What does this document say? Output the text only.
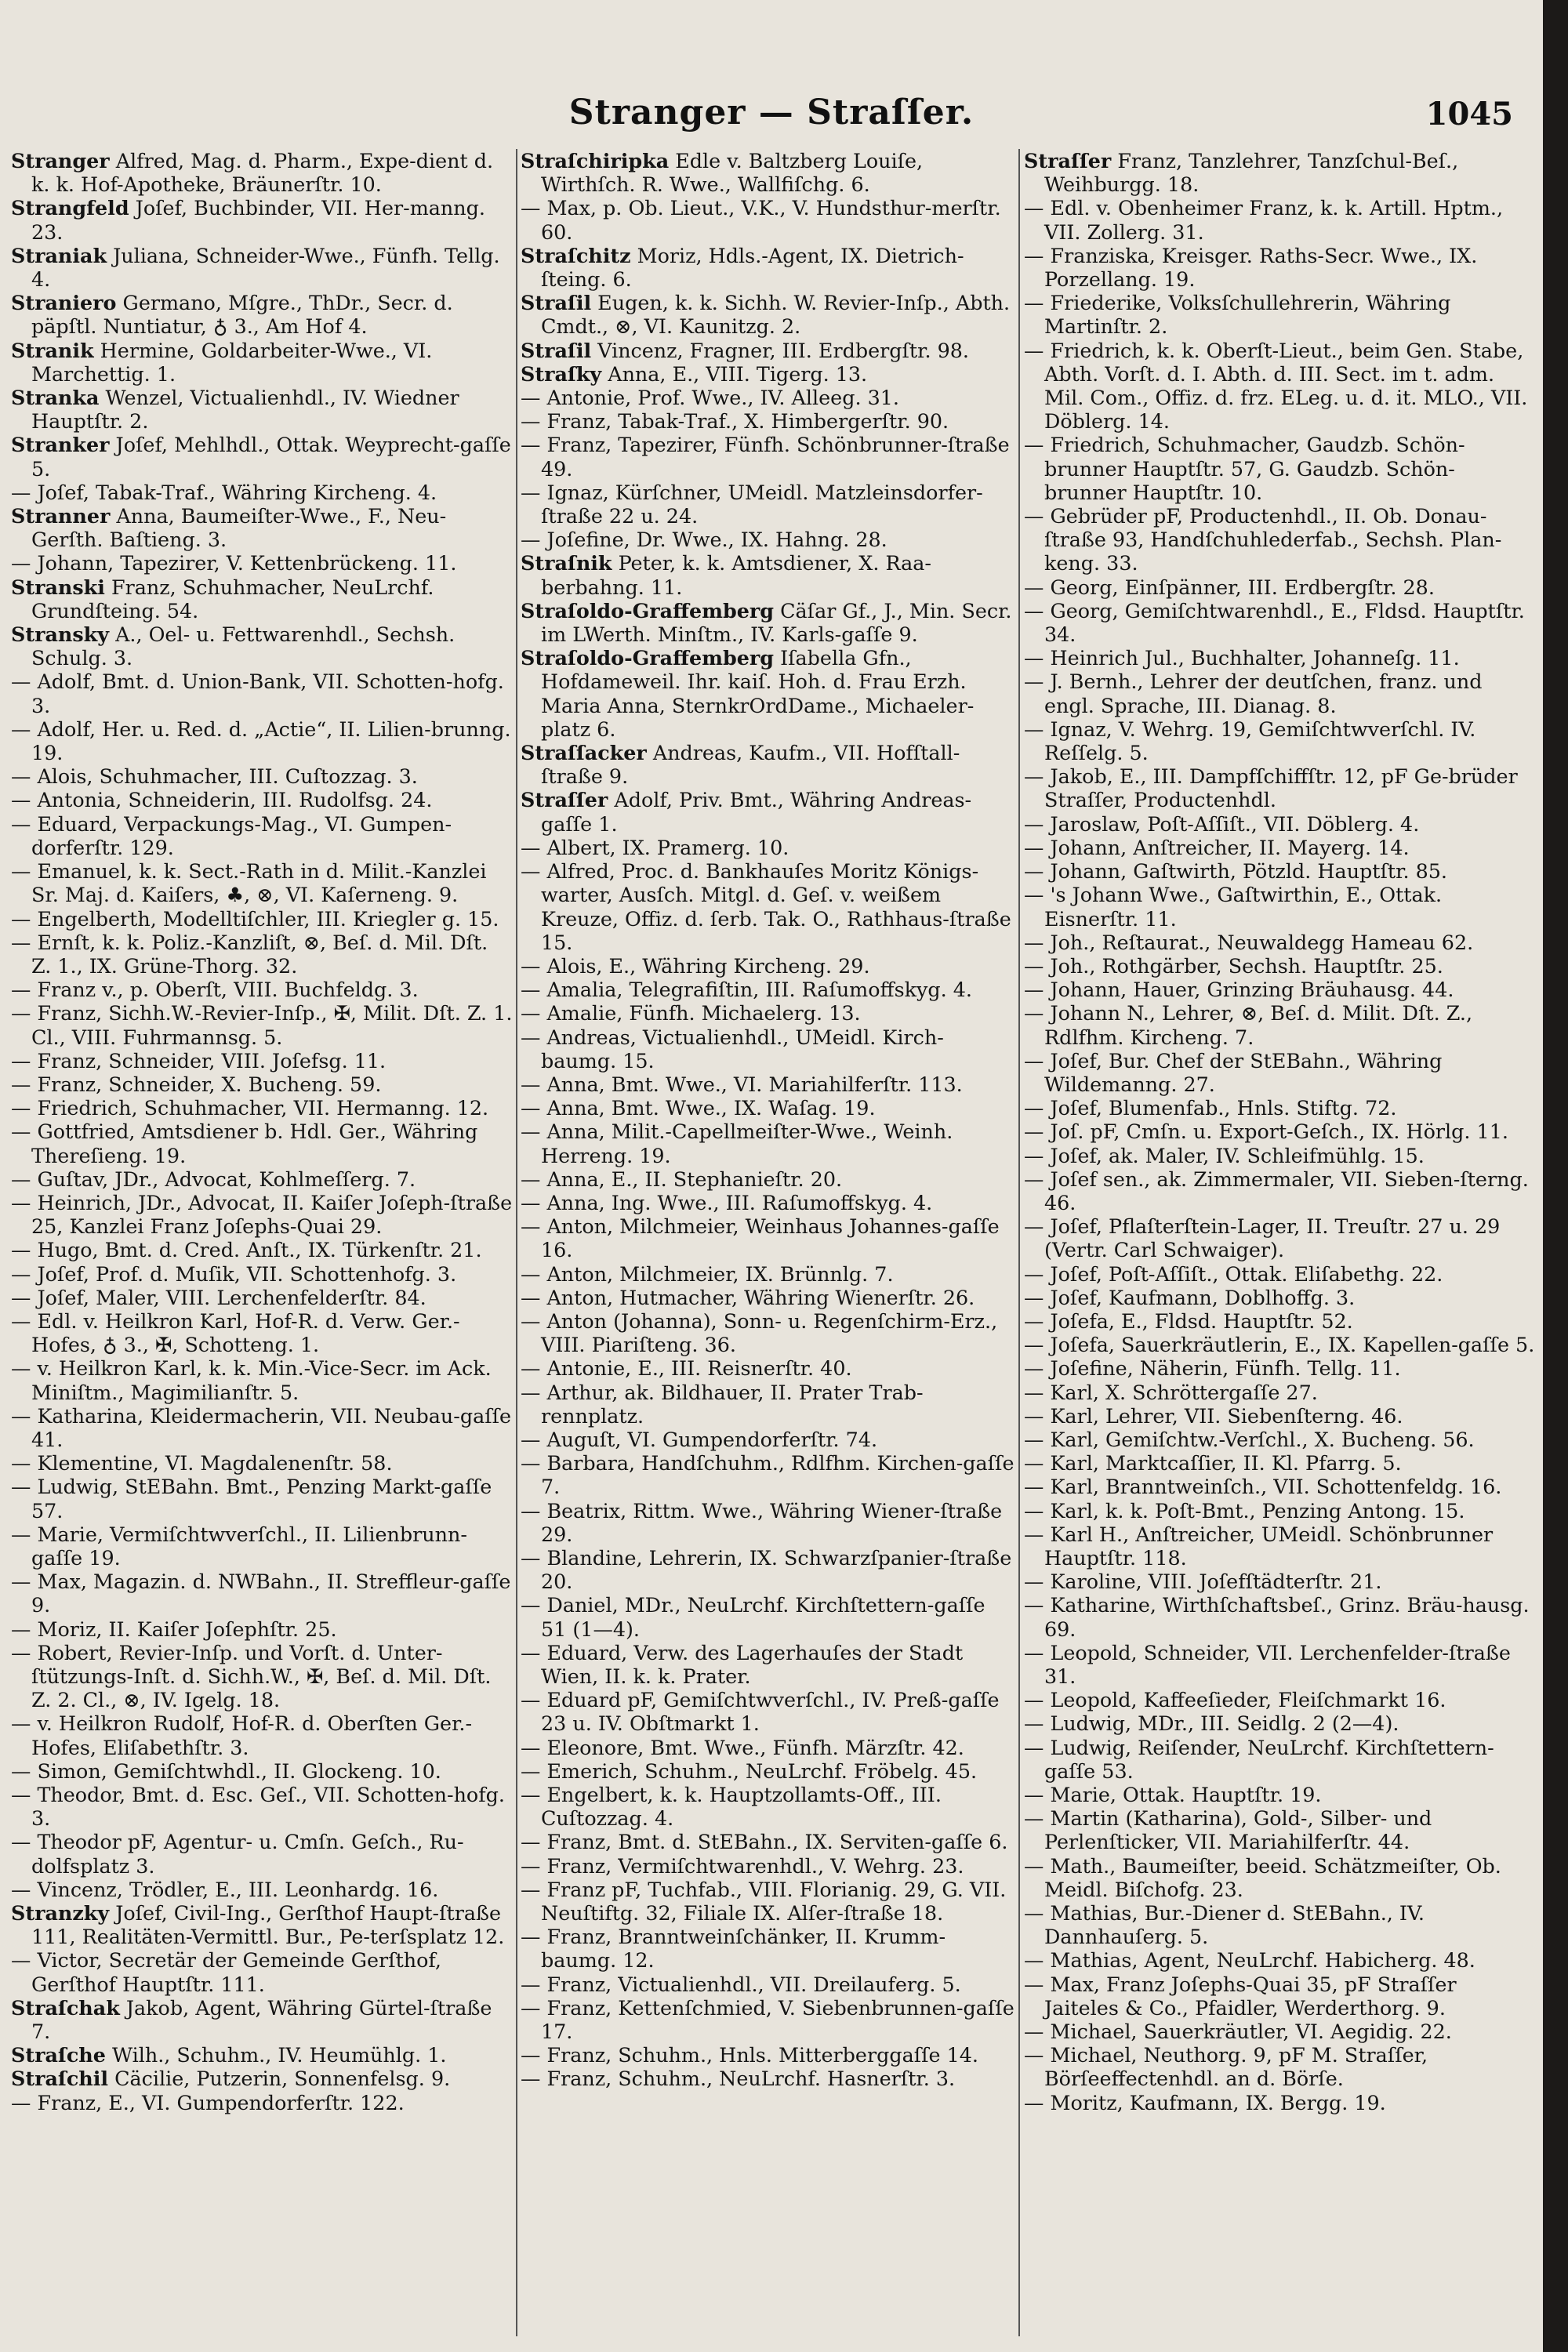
Stranger — Straſſer.	1045
Stranger Alfred, Mag. d. Pharm., Expe-dient d. k. k. Hof-Apotheke, Bräunerſtr. 10.
Strangfeld Joſef, Buchbinder, VII. Her-manng. 23.
Straniak Juliana, Schneider-Wwe., Fünfh. Tellg. 4.
Straniero Germano, Mſgre., ThDr., Secr. d. päpſtl. Nuntiatur, ♁ 3., Am Hof 4.
Stranik Hermine, Goldarbeiter-Wwe., VI. Marchettig. 1.
Stranka Wenzel, Victualienhdl., IV. Wiedner Hauptſtr. 2.
Stranker Joſef, Mehlhdl., Ottak. Weyprecht-gaſſe 5.
— Joſef, Tabak-Traf., Währing Kircheng. 4.
Stranner Anna, Baumeiſter-Wwe., F., Neu-Gerſth. Baſtieng. 3.
— Johann, Tapezirer, V. Kettenbrückeng. 11.
Stranski Franz, Schuhmacher, NeuLrchf. Grundſteing. 54.
Stransky A., Oel- u. Fettwarenhdl., Sechsh. Schulg. 3.
— Adolf, Bmt. d. Union-Bank, VII. Schotten-hofg. 3.
— Adolf, Her. u. Red. d. „Actie“, II. Lilien-brunng. 19.
— Alois, Schuhmacher, III. Cuſtozzag. 3.
— Antonia, Schneiderin, III. Rudolfsg. 24.
— Eduard, Verpackungs-Mag., VI. Gumpen-dorferſtr. 129.
— Emanuel, k. k. Sect.-Rath in d. Milit.-Kanzlei Sr. Maj. d. Kaiſers, ♣, ⊗, VI. Kaſerneng. 9.
— Engelberth, Modelltiſchler, III. Kriegler g. 15.
— Ernſt, k. k. Poliz.-Kanzliſt, ⊗, Beſ. d. Mil. Dſt. Z. 1., IX. Grüne-Thorg. 32.
— Franz v., p. Oberſt, VIII. Buchfeldg. 3.
— Franz, Sichh.W.-Revier-Inſp., ✠, Milit. Dſt. Z. 1. Cl., VIII. Fuhrmannsg. 5.
— Franz, Schneider, VIII. Joſefsg. 11.
— Franz, Schneider, X. Bucheng. 59.
— Friedrich, Schuhmacher, VII. Hermanng. 12.
— Gottfried, Amtsdiener b. Hdl. Ger., Währing Thereſieng. 19.
— Guſtav, JDr., Advocat, Kohlmeſſerg. 7.
— Heinrich, JDr., Advocat, II. Kaiſer Joſeph-ſtraße 25, Kanzlei Franz Joſephs-Quai 29.
— Hugo, Bmt. d. Cred. Anſt., IX. Türkenſtr. 21.
— Joſef, Prof. d. Muſik, VII. Schottenhofg. 3.
— Joſef, Maler, VIII. Lerchenfelderſtr. 84.
— Edl. v. Heilkron Karl, Hof-R. d. Verw. Ger.-Hofes, ♁ 3., ✠, Schotteng. 1.
— v. Heilkron Karl, k. k. Min.-Vice-Secr. im Ack. Miniſtm., Magimilianſtr. 5.
— Katharina, Kleidermacherin, VII. Neubau-gaſſe 41.
— Klementine, VI. Magdalenenſtr. 58.
— Ludwig, StEBahn. Bmt., Penzing Markt-gaſſe 57.
— Marie, Vermiſchtwverſchl., II. Lilienbrunn-gaſſe 19.
— Max, Magazin. d. NWBahn., II. Streffleur-gaſſe 9.
— Moriz, II. Kaiſer Joſephſtr. 25.
— Robert, Revier-Inſp. und Vorſt. d. Unter-ſtützungs-Inſt. d. Sichh.W., ✠, Beſ. d. Mil. Dſt. Z. 2. Cl., ⊗, IV. Igelg. 18.
— v. Heilkron Rudolf, Hof-R. d. Oberſten Ger.-Hofes, Eliſabethſtr. 3.
— Simon, Gemiſchtwhdl., II. Glockeng. 10.
— Theodor, Bmt. d. Esc. Geſ., VII. Schotten-hofg. 3.
— Theodor pF, Agentur- u. Cmſn. Geſch., Ru-dolfsplatz 3.
— Vincenz, Trödler, E., III. Leonhardg. 16.
Stranzky Joſef, Civil-Ing., Gerſthof Haupt-ſtraße 111, Realitäten-Vermittl. Bur., Pe-terſsplatz 12.
— Victor, Secretär der Gemeinde Gerſthof, Gerſthof Hauptſtr. 111.
Straſchak Jakob, Agent, Währing Gürtel-ſtraße 7.
Straſche Wilh., Schuhm., IV. Heumühlg. 1.
Straſchil Cäcilie, Putzerin, Sonnenfelsg. 9.
— Franz, E., VI. Gumpendorferſtr. 122.
Straſchiripka Edle v. Baltzberg Louiſe, Wirthſch. R. Wwe., Wallfiſchg. 6.
— Max, p. Ob. Lieut., V.K., V. Hundsthur-merſtr. 60.
Straſchitz Moriz, Hdls.-Agent, IX. Dietrich-ſteing. 6.
Straſil Eugen, k. k. Sichh. W. Revier-Inſp., Abth. Cmdt., ⊗, VI. Kaunitzg. 2.
Straſil Vincenz, Fragner, III. Erdbergſtr. 98.
Straſky Anna, E., VIII. Tigerg. 13.
— Antonie, Prof. Wwe., IV. Alleeg. 31.
— Franz, Tabak-Traf., X. Himbergerſtr. 90.
— Franz, Tapezirer, Fünfh. Schönbrunner-ſtraße 49.
— Ignaz, Kürſchner, UMeidl. Matzleinsdorfer-ſtraße 22 u. 24.
— Joſefine, Dr. Wwe., IX. Hahng. 28.
Straſnik Peter, k. k. Amtsdiener, X. Raa-berbahng. 11.
Straſoldo-Graffemberg Cäſar Gf., J., Min. Secr. im LWerth. Minſtm., IV. Karls-gaſſe 9.
Straſoldo-Graffemberg Iſabella Gfn., Hofdameweil. Ihr. kaiſ. Hoh. d. Frau Erzh. Maria Anna, SternkrOrdDame., Michaeler-platz 6.
Straſſacker Andreas, Kaufm., VII. Hofſtall-ſtraße 9.
Straſſer Adolf, Priv. Bmt., Währing Andreas-gaſſe 1.
— Albert, IX. Pramerg. 10.
— Alfred, Proc. d. Bankhauſes Moritz Königs-warter, Ausſch. Mitgl. d. Geſ. v. weißem Kreuze, Offiz. d. ſerb. Tak. O., Rathhaus-ſtraße 15.
— Alois, E., Währing Kircheng. 29.
— Amalia, Telegrafiſtin, III. Raſumoffskyg. 4.
— Amalie, Fünfh. Michaelerg. 13.
— Andreas, Victualienhdl., UMeidl. Kirch-baumg. 15.
— Anna, Bmt. Wwe., VI. Mariahilferſtr. 113.
— Anna, Bmt. Wwe., IX. Waſag. 19.
— Anna, Milit.-Capellmeiſter-Wwe., Weinh. Herreng. 19.
— Anna, E., II. Stephanieſtr. 20.
— Anna, Ing. Wwe., III. Raſumoffskyg. 4.
— Anton, Milchmeier, Weinhaus Johannes-gaſſe 16.
— Anton, Milchmeier, IX. Brünnlg. 7.
— Anton, Hutmacher, Währing Wienerſtr. 26.
— Anton (Johanna), Sonn- u. Regenſchirm-Erz., VIII. Piariſteng. 36.
— Antonie, E., III. Reisnerſtr. 40.
— Arthur, ak. Bildhauer, II. Prater Trab-rennplatz.
— Auguſt, VI. Gumpendorferſtr. 74.
— Barbara, Handſchuhm., Rdlfhm. Kirchen-gaſſe 7.
— Beatrix, Rittm. Wwe., Währing Wiener-ſtraße 29.
— Blandine, Lehrerin, IX. Schwarzſpanier-ſtraße 20.
— Daniel, MDr., NeuLrchf. Kirchſtettern-gaſſe 51 (1—4).
— Eduard, Verw. des Lagerhauſes der Stadt Wien, II. k. k. Prater.
— Eduard pF, Gemiſchtwverſchl., IV. Preß-gaſſe 23 u. IV. Obſtmarkt 1.
— Eleonore, Bmt. Wwe., Fünfh. Märzſtr. 42.
— Emerich, Schuhm., NeuLrchf. Fröbelg. 45.
— Engelbert, k. k. Hauptzollamts-Off., III. Cuſtozzag. 4.
— Franz, Bmt. d. StEBahn., IX. Serviten-gaſſe 6.
— Franz, Vermiſchtwarenhdl., V. Wehrg. 23.
— Franz pF, Tuchfab., VIII. Florianig. 29, G. VII. Neuſtiftg. 32, Filiale IX. Alſer-ſtraße 18.
— Franz, Branntweinſchänker, II. Krumm-baumg. 12.
— Franz, Victualienhdl., VII. Dreilauferg. 5.
— Franz, Kettenſchmied, V. Siebenbrunnen-gaſſe 17.
— Franz, Schuhm., Hnls. Mitterberggaſſe 14.
— Franz, Schuhm., NeuLrchf. Hasnerſtr. 3.
Straſſer Franz, Tanzlehrer, Tanzſchul-Beſ., Weihburgg. 18.
— Edl. v. Obenheimer Franz, k. k. Artill. Hptm., VII. Zollerg. 31.
— Franziska, Kreisger. Raths-Secr. Wwe., IX. Porzellang. 19.
— Friederike, Volksſchullehrerin, Währing Martinſtr. 2.
— Friedrich, k. k. Oberſt-Lieut., beim Gen. Stabe, Abth. Vorſt. d. I. Abth. d. III. Sect. im t. adm. Mil. Com., Offiz. d. frz. ELeg. u. d. it. MLO., VII. Döblerg. 14.
— Friedrich, Schuhmacher, Gaudzb. Schön-brunner Hauptſtr. 57, G. Gaudzb. Schön-brunner Hauptſtr. 10.
— Gebrüder pF, Productenhdl., II. Ob. Donau-ſtraße 93, Handſchuhlederfab., Sechsh. Plan-keng. 33.
— Georg, Einſpänner, III. Erdbergſtr. 28.
— Georg, Gemiſchtwarenhdl., E., Fldsd. Hauptſtr. 34.
— Heinrich Jul., Buchhalter, Johanneſg. 11.
— J. Bernh., Lehrer der deutſchen, franz. und engl. Sprache, III. Dianag. 8.
— Ignaz, V. Wehrg. 19, Gemiſchtwverſchl. IV. Reſſelg. 5.
— Jakob, E., III. Dampfſchiffſtr. 12, pF Ge-brüder Straſſer, Productenhdl.
— Jaroslaw, Poſt-Aſſiſt., VII. Döblerg. 4.
— Johann, Anſtreicher, II. Mayerg. 14.
— Johann, Gaſtwirth, Pötzld. Hauptſtr. 85.
— 's Johann Wwe., Gaſtwirthin, E., Ottak. Eisnerſtr. 11.
— Joh., Reſtaurat., Neuwaldegg Hameau 62.
— Joh., Rothgärber, Sechsh. Hauptſtr. 25.
— Johann, Hauer, Grinzing Bräuhausg. 44.
— Johann N., Lehrer, ⊗, Beſ. d. Milit. Dſt. Z., Rdlfhm. Kircheng. 7.
— Joſef, Bur. Chef der StEBahn., Währing Wildemanng. 27.
— Joſef, Blumenfab., Hnls. Stiftg. 72.
— Joſ. pF, Cmſn. u. Export-Geſch., IX. Hörlg. 11.
— Joſef, ak. Maler, IV. Schleifmühlg. 15.
— Joſef sen., ak. Zimmermaler, VII. Sieben-ſterng. 46.
— Joſef, Pflaſterſtein-Lager, II. Treuſtr. 27 u. 29 (Vertr. Carl Schwaiger).
— Joſef, Poſt-Aſſiſt., Ottak. Eliſabethg. 22.
— Joſef, Kaufmann, Doblhoffg. 3.
— Joſefa, E., Fldsd. Hauptſtr. 52.
— Joſefa, Sauerkräutlerin, E., IX. Kapellen-gaſſe 5.
— Joſefine, Näherin, Fünfh. Tellg. 11.
— Karl, X. Schröttergaſſe 27.
— Karl, Lehrer, VII. Siebenſterng. 46.
— Karl, Gemiſchtw.-Verſchl., X. Bucheng. 56.
— Karl, Marktcaſſier, II. Kl. Pfarrg. 5.
— Karl, Branntweinſch., VII. Schottenfeldg. 16.
— Karl, k. k. Poſt-Bmt., Penzing Antong. 15.
— Karl H., Anſtreicher, UMeidl. Schönbrunner Hauptſtr. 118.
— Karoline, VIII. Joſefſtädterſtr. 21.
— Katharine, Wirthſchaftsbeſ., Grinz. Bräu-hausg. 69.
— Leopold, Schneider, VII. Lerchenfelder-ſtraße 31.
— Leopold, Kaffeeſieder, Fleiſchmarkt 16.
— Ludwig, MDr., III. Seidlg. 2 (2—4).
— Ludwig, Reiſender, NeuLrchf. Kirchſtettern-gaſſe 53.
— Marie, Ottak. Hauptſtr. 19.
— Martin (Katharina), Gold-, Silber- und Perlenſticker, VII. Mariahilferſtr. 44.
— Math., Baumeiſter, beeid. Schätzmeiſter, Ob. Meidl. Biſchofg. 23.
— Mathias, Bur.-Diener d. StEBahn., IV. Dannhauſerg. 5.
— Mathias, Agent, NeuLrchf. Habicherg. 48.
— Max, Franz Joſephs-Quai 35, pF Straſſer Jaiteles & Co., Pfaidler, Werderthorg. 9.
— Michael, Sauerkräutler, VI. Aegidig. 22.
— Michael, Neuthorg. 9, pF M. Straſſer, Börſeeffectenhdl. an d. Börſe.
— Moritz, Kaufmann, IX. Bergg. 19.
